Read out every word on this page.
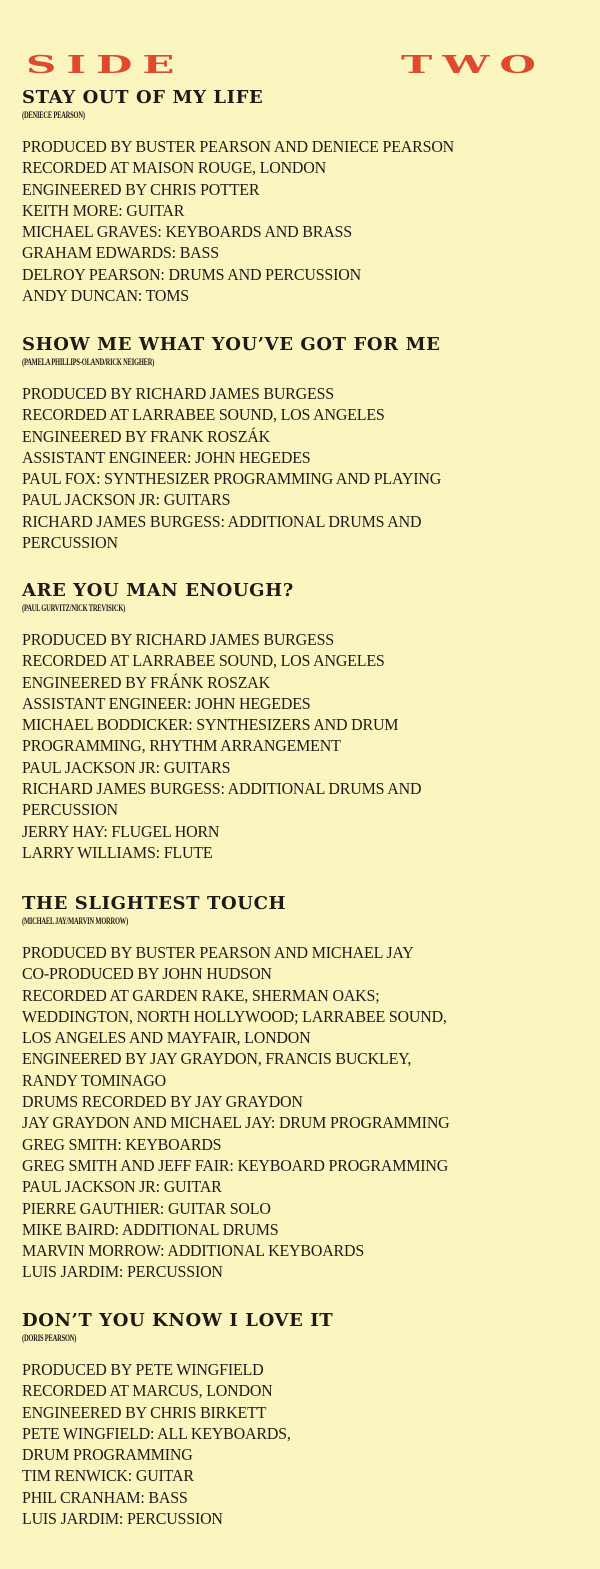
SIDE	TWO
STAY OUT OF MY LIFE
(DENIECE PEARSON)
PRODUCED BY BUSTER PEARSON AND DENIECE PEARSON
RECORDED AT MAISON ROUGE, LONDON
ENGINEERED BY CHRIS POTTER
KEITH MORE: GUITAR
MICHAEL GRAVES: KEYBOARDS AND BRASS
GRAHAM EDWARDS: BASS
DELROY PEARSON: DRUMS AND PERCUSSION
ANDY DUNCAN: TOMS
SHOW ME WHAT YOU’VE GOT FOR ME
(PAMELA PHILLIPS-OLAND/RICK NEIGHER)
PRODUCED BY RICHARD JAMES BURGESS
RECORDED AT LARRABEE SOUND, LOS ANGELES
ENGINEERED BY FRANK ROSZÁK
ASSISTANT ENGINEER: JOHN HEGEDES
PAUL FOX: SYNTHESIZER PROGRAMMING AND PLAYING
PAUL JACKSON JR: GUITARS
RICHARD JAMES BURGESS: ADDITIONAL DRUMS AND
PERCUSSION
ARE YOU MAN ENOUGH?
(PAUL GURVITZ/NICK TREVISICK)
PRODUCED BY RICHARD JAMES BURGESS
RECORDED AT LARRABEE SOUND, LOS ANGELES
ENGINEERED BY FRÁNK ROSZAK
ASSISTANT ENGINEER: JOHN HEGEDES
MICHAEL BODDICKER: SYNTHESIZERS AND DRUM
PROGRAMMING, RHYTHM ARRANGEMENT
PAUL JACKSON JR: GUITARS
RICHARD JAMES BURGESS: ADDITIONAL DRUMS AND
PERCUSSION
JERRY HAY: FLUGEL HORN
LARRY WILLIAMS: FLUTE
THE SLIGHTEST TOUCH
(MICHAEL JAY/MARVIN MORROW)
PRODUCED BY BUSTER PEARSON AND MICHAEL JAY
CO-PRODUCED BY JOHN HUDSON
RECORDED AT GARDEN RAKE, SHERMAN OAKS;
WEDDINGTON, NORTH HOLLYWOOD; LARRABEE SOUND,
LOS ANGELES AND MAYFAIR, LONDON
ENGINEERED BY JAY GRAYDON, FRANCIS BUCKLEY,
RANDY TOMINAGO
DRUMS RECORDED BY JAY GRAYDON
JAY GRAYDON AND MICHAEL JAY: DRUM PROGRAMMING
GREG SMITH: KEYBOARDS
GREG SMITH AND JEFF FAIR: KEYBOARD PROGRAMMING
PAUL JACKSON JR: GUITAR
PIERRE GAUTHIER: GUITAR SOLO
MIKE BAIRD: ADDITIONAL DRUMS
MARVIN MORROW: ADDITIONAL KEYBOARDS
LUIS JARDIM: PERCUSSION
DON’T YOU KNOW I LOVE IT
(DORIS PEARSON)
PRODUCED BY PETE WINGFIELD
RECORDED AT MARCUS, LONDON
ENGINEERED BY CHRIS BIRKETT
PETE WINGFIELD: ALL KEYBOARDS,
DRUM PROGRAMMING
TIM RENWICK: GUITAR
PHIL CRANHAM: BASS
LUIS JARDIM: PERCUSSION
